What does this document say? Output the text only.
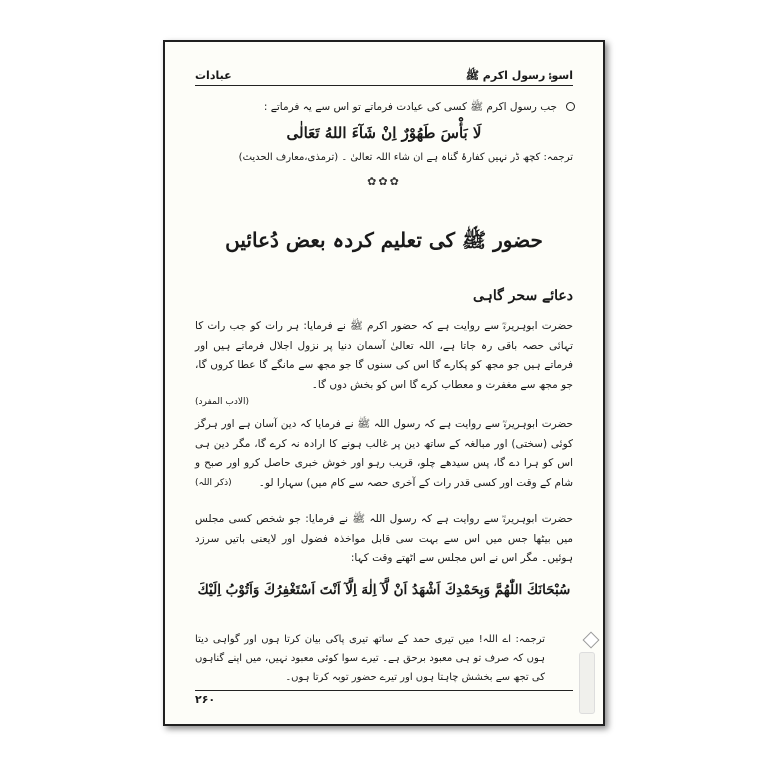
اسوۂ رسول اکرم ﷺ
عبادات

جب رسول اکرم ﷺ کسی کی عیادت فرماتے تو اس سے یہ فرماتے :

لَا بَأْسَ طَهُوْرٌ اِنْ شَآءَ اللهُ تَعَالٰى

ترجمہ: کچھ ڈر نہیں کفارۂ گناہ ہے ان شاء اللہ تعالیٰ ۔ (ترمذی،معارف الحدیث)

✿✿✿
حضور ﷺ کی تعلیم کردہ بعض دُعائیں
دعائے سحر گاہی

حضرت ابوہریرہؓ سے روایت ہے کہ حضور اکرم ﷺ نے فرمایا: ہر رات کو جب رات کا تہائی حصہ باقی رہ جاتا ہے، اللہ تعالیٰ آسمان دنیا پر نزول اجلال فرماتے ہیں اور فرماتے ہیں جو مجھ کو پکارے گا اس کی سنوں گا جو مجھ سے مانگے گا عطا کروں گا، جو مجھ سے مغفرت و معطاب کرے گا اس کو بخش دوں گا۔

(الادب المفرد)

حضرت ابوہریرہؓ سے روایت ہے کہ رسول اللہ ﷺ نے فرمایا کہ دین آسان ہے اور ہرگز کوئی (سختی) اور مبالغہ کے ساتھ دین پر غالب ہونے کا ارادہ نہ کرے گا، مگر دین ہی اس کو ہرا دے گا، پس سیدھے چلو، قریب رہو اور خوش خبری حاصل کرو اور صبح و شام کے وقت اور کسی قدر رات کے آخری حصہ سے کام میں) سہارا لو۔
(ذکر اللہ)

حضرت ابوہریرہؓ سے روایت ہے کہ رسول اللہ ﷺ نے فرمایا: جو شخص کسی مجلس میں بیٹھا جس میں اس سے بہت سی قابل مواخذہ فضول اور لایعنی باتیں سرزد ہوئیں۔ مگر اس نے اس مجلس سے اٹھتے وقت کہا:

سُبْحَانَكَ اللّٰهُمَّ وَبِحَمْدِكَ اَشْهَدُ اَنْ لَّآ اِلٰهَ اِلَّآ اَنْتَ اَسْتَغْفِرُكَ وَاَتُوْبُ اِلَيْكَ

ترجمہ: اے اللہ! میں تیری حمد کے ساتھ تیری پاکی بیان کرتا ہوں اور گواہی دیتا ہوں کہ صرف تو ہی معبود برحق ہے۔ تیرے سوا کوئی معبود نہیں، میں اپنے گناہوں کی تجھ سے بخشش چاہتا ہوں اور تیرے حضور توبہ کرتا ہوں۔

۲۶۰
